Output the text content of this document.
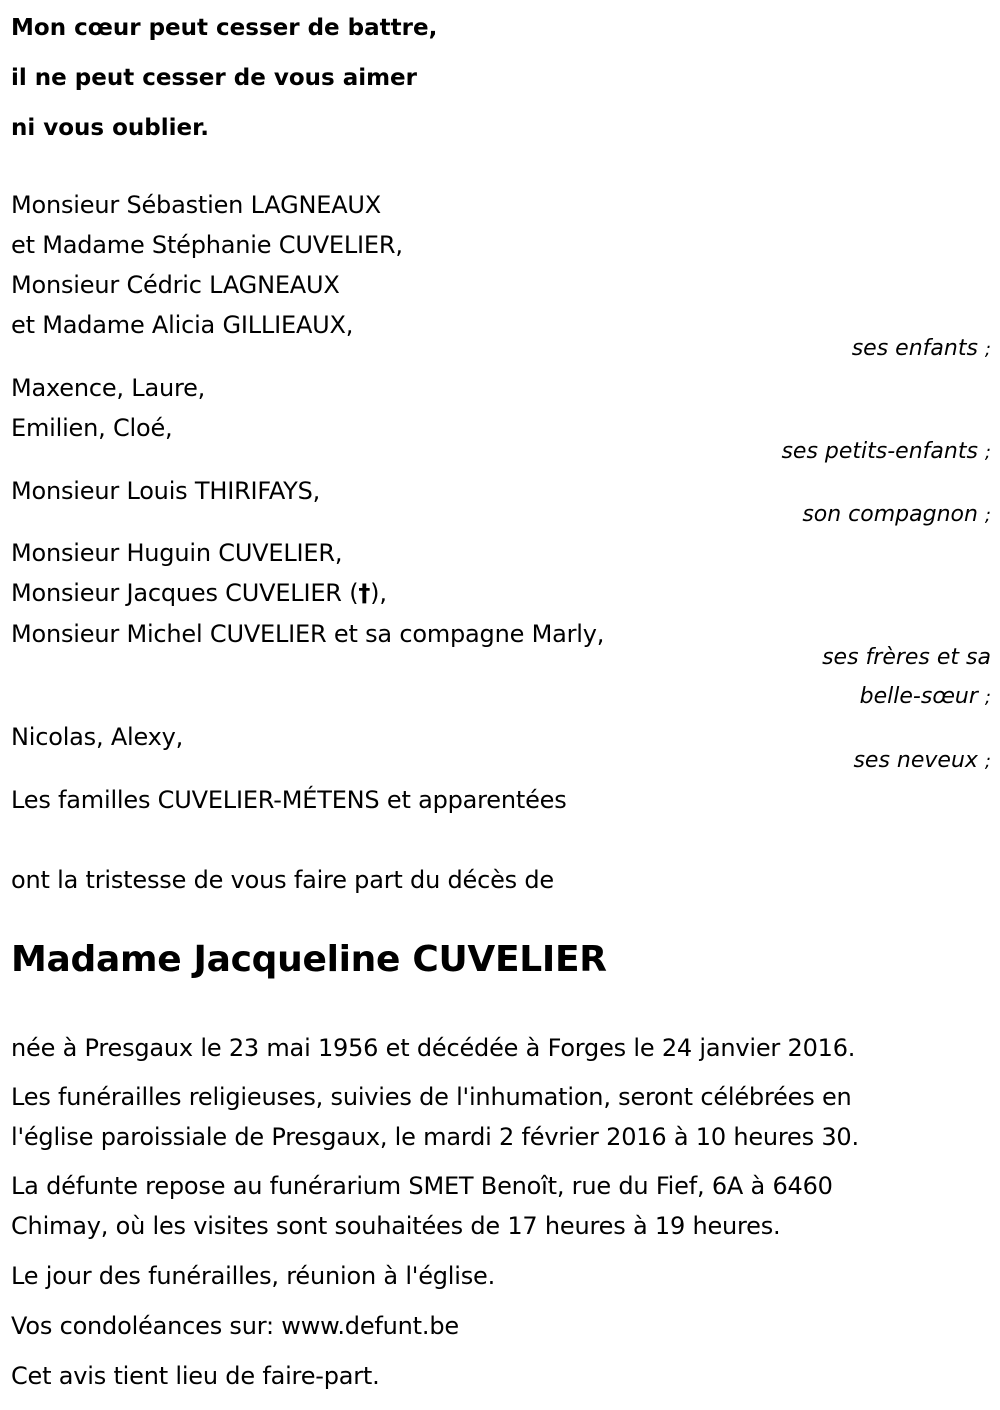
Mon cœur peut cesser de battre,
il ne peut cesser de vous aimer
ni vous oublier.
Monsieur Sébastien LAGNEAUX
et Madame Stéphanie CUVELIER,
Monsieur Cédric LAGNEAUX
et Madame Alicia GILLIEAUX,
ses enfants ;
Maxence, Laure,
Emilien, Cloé,
ses petits-enfants ;
Monsieur Louis THIRIFAYS,
son compagnon ;
Monsieur Huguin CUVELIER,
Monsieur Jacques CUVELIER (†),
Monsieur Michel CUVELIER et sa compagne Marly,
ses frères et sa
belle-sœur ;
Nicolas, Alexy,
ses neveux ;
Les familles CUVELIER-MÉTENS et apparentées
ont la tristesse de vous faire part du décès de
Madame Jacqueline CUVELIER
née à Presgaux le 23 mai 1956 et décédée à Forges le 24 janvier 2016.
Les funérailles religieuses, suivies de l'inhumation, seront célébrées en
l'église paroissiale de Presgaux, le mardi 2 février 2016 à 10 heures 30.
La défunte repose au funérarium SMET Benoît, rue du Fief, 6A à 6460
Chimay, où les visites sont souhaitées de 17 heures à 19 heures.
Le jour des funérailles, réunion à l'église.
Vos condoléances sur: www.defunt.be
Cet avis tient lieu de faire-part.
